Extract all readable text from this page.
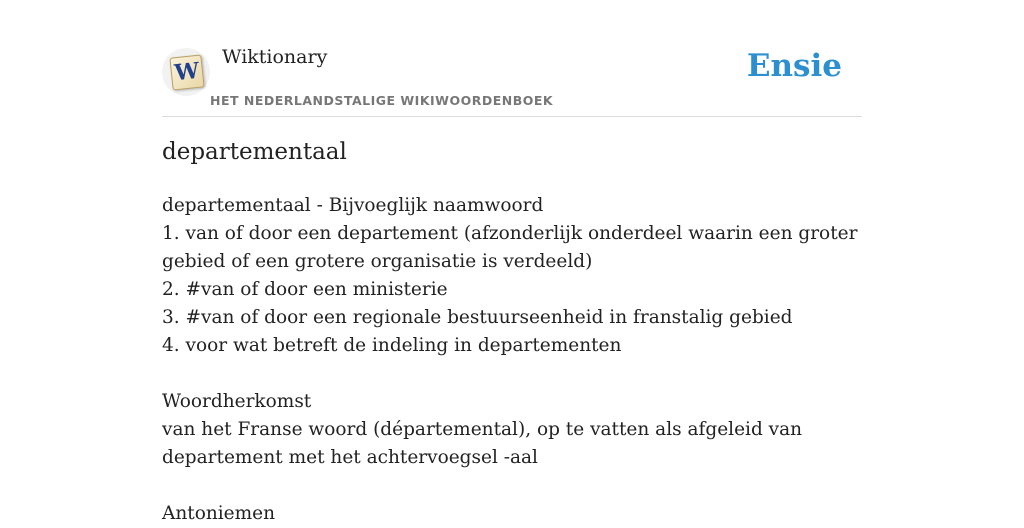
W
Wiktionary
HET NEDERLANDSTALIGE WIKIWOORDENBOEK
Ensie
departementaal
departementaal - Bijvoeglijk naamwoord
1. van of door een departement (afzonderlijk onderdeel waarin een groter gebied of een grotere organisatie is verdeeld)
2. #van of door een ministerie
3. #van of door een regionale bestuurseenheid in franstalig gebied
4. voor wat betreft de indeling in departementen
Woordherkomst
van het Franse woord (départemental), op te vatten als afgeleid van departement met het achtervoegsel -aal
Antoniemen
